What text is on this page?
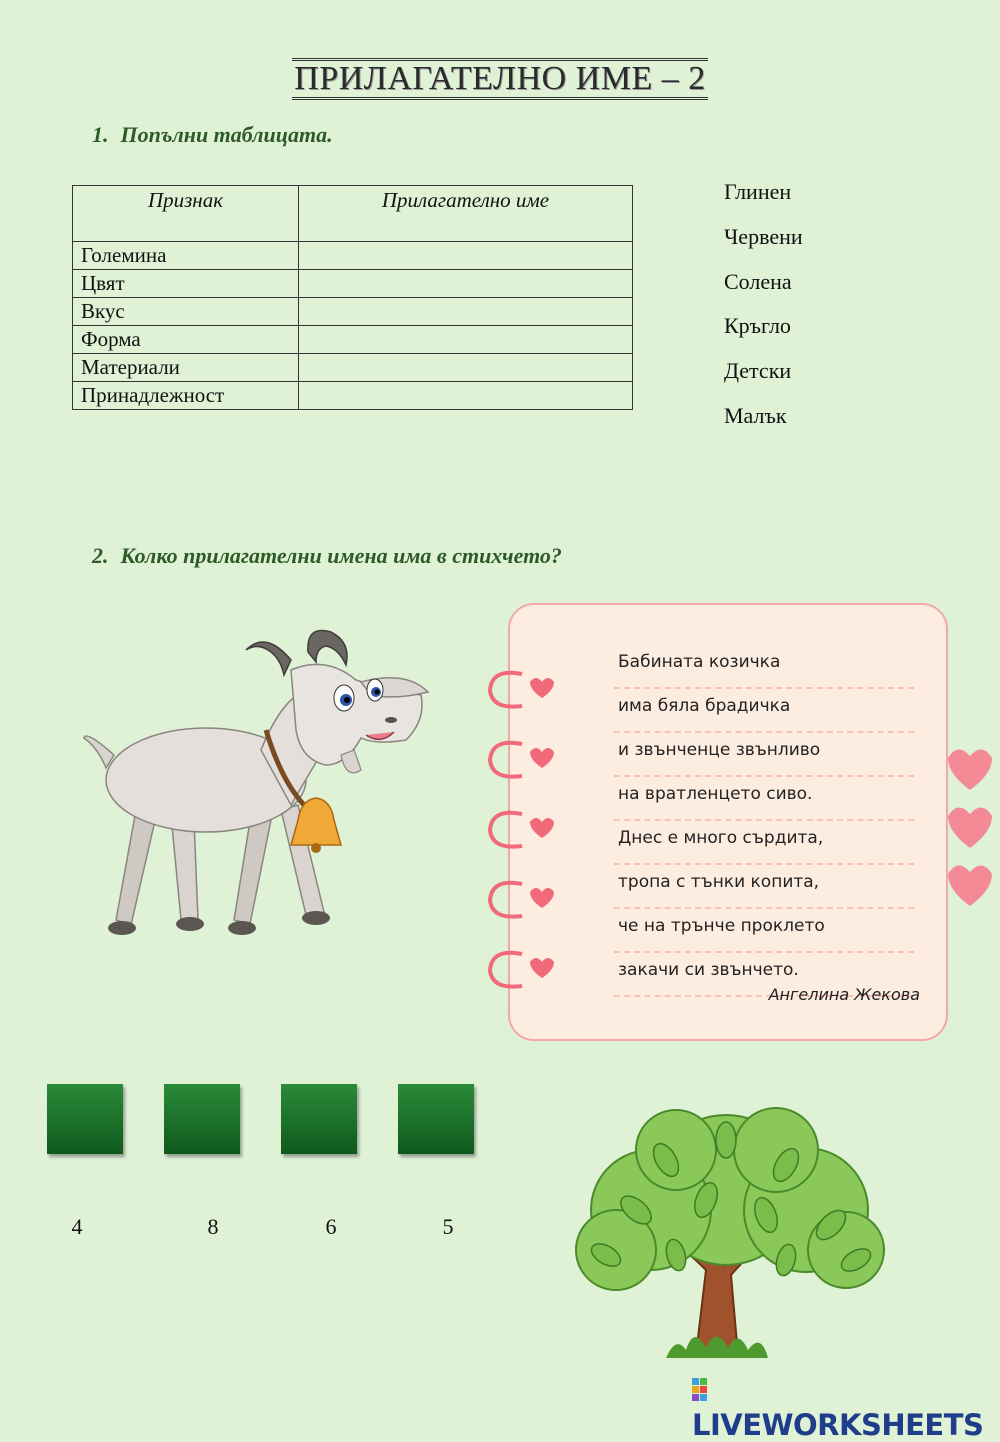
ПРИЛАГАТЕЛНО ИМЕ – 2
1. Попълни таблицата.
Признак	Прилагателно име
Големина	
Цвят	
Вкус	
Форма	
Материали	
Принадлежност	
Глинен
Червени
Солена
Кръгло
Детски
Малък
2. Колко прилагателни имена има в стихчето?
Бабината козичка
има бяла брадичка
и звънченце звънливо
на вратленцето сиво.
Днес е много сърдита,
тропа с тънки копита,
че на трънче проклето
закачи си звънчето.
Ангелина Жекова
4	8	6	5
LIVEWORKSHEETS
